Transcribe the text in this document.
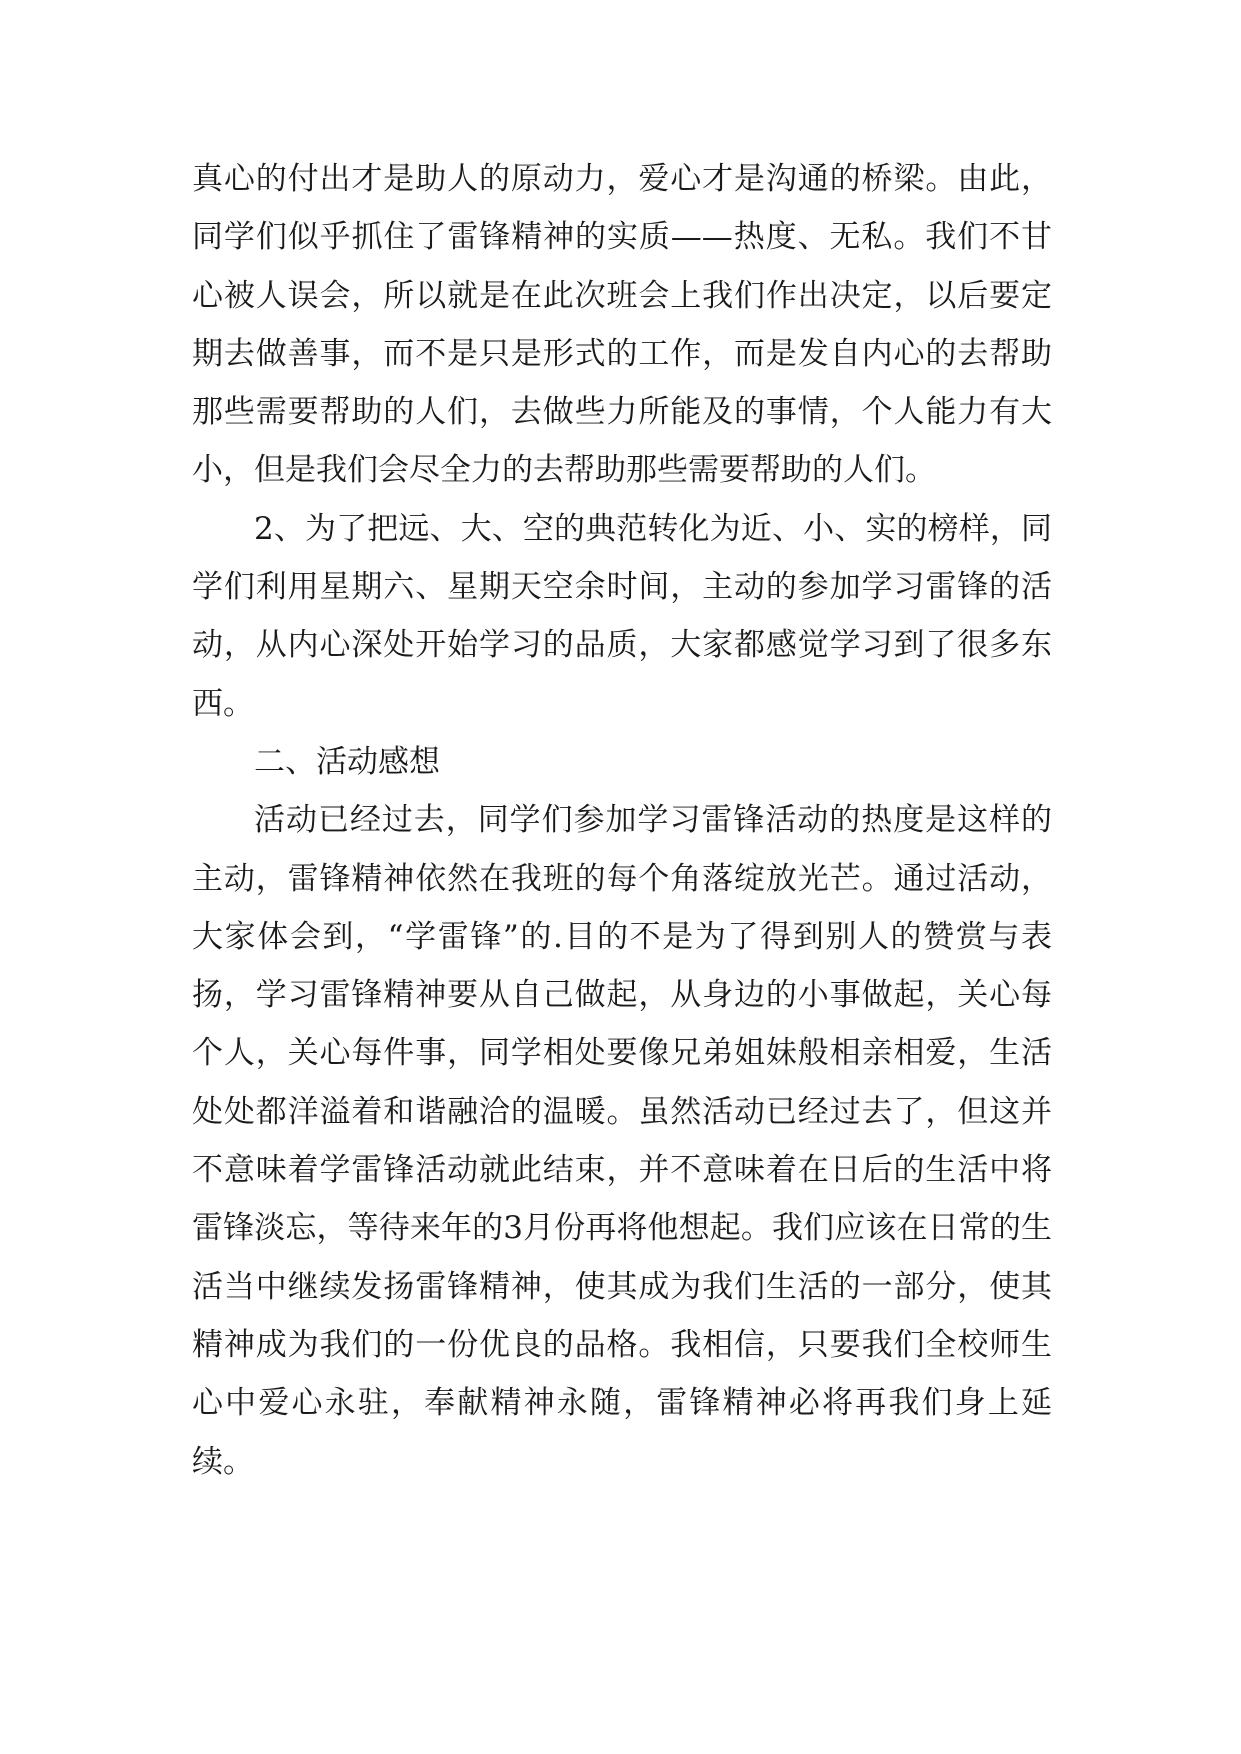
真心的付出才是助人的原动力，爱心才是沟通的桥梁。由此，同学们似乎抓住了雷锋精神的实质——热度、无私。我们不甘心被人误会，所以就是在此次班会上我们作出决定，以后要定期去做善事，而不是只是形式的工作，而是发自内心的去帮助那些需要帮助的人们，去做些力所能及的事情，个人能力有大小，但是我们会尽全力的去帮助那些需要帮助的人们。

2、为了把远、大、空的典范转化为近、小、实的榜样，同学们利用星期六、星期天空余时间，主动的参加学习雷锋的活动，从内心深处开始学习的品质，大家都感觉学习到了很多东西。

二、活动感想

活动已经过去，同学们参加学习雷锋活动的热度是这样的主动，雷锋精神依然在我班的每个角落绽放光芒。通过活动，大家体会到，“学雷锋”的.目的不是为了得到别人的赞赏与表扬，学习雷锋精神要从自己做起，从身边的小事做起，关心每个人，关心每件事，同学相处要像兄弟姐妹般相亲相爱，生活处处都洋溢着和谐融洽的温暖。虽然活动已经过去了，但这并不意味着学雷锋活动就此结束，并不意味着在日后的生活中将雷锋淡忘，等待来年的3月份再将他想起。我们应该在日常的生活当中继续发扬雷锋精神，使其成为我们生活的一部分，使其精神成为我们的一份优良的品格。我相信，只要我们全校师生心中爱心永驻，奉献精神永随，雷锋精神必将再我们身上延续。
